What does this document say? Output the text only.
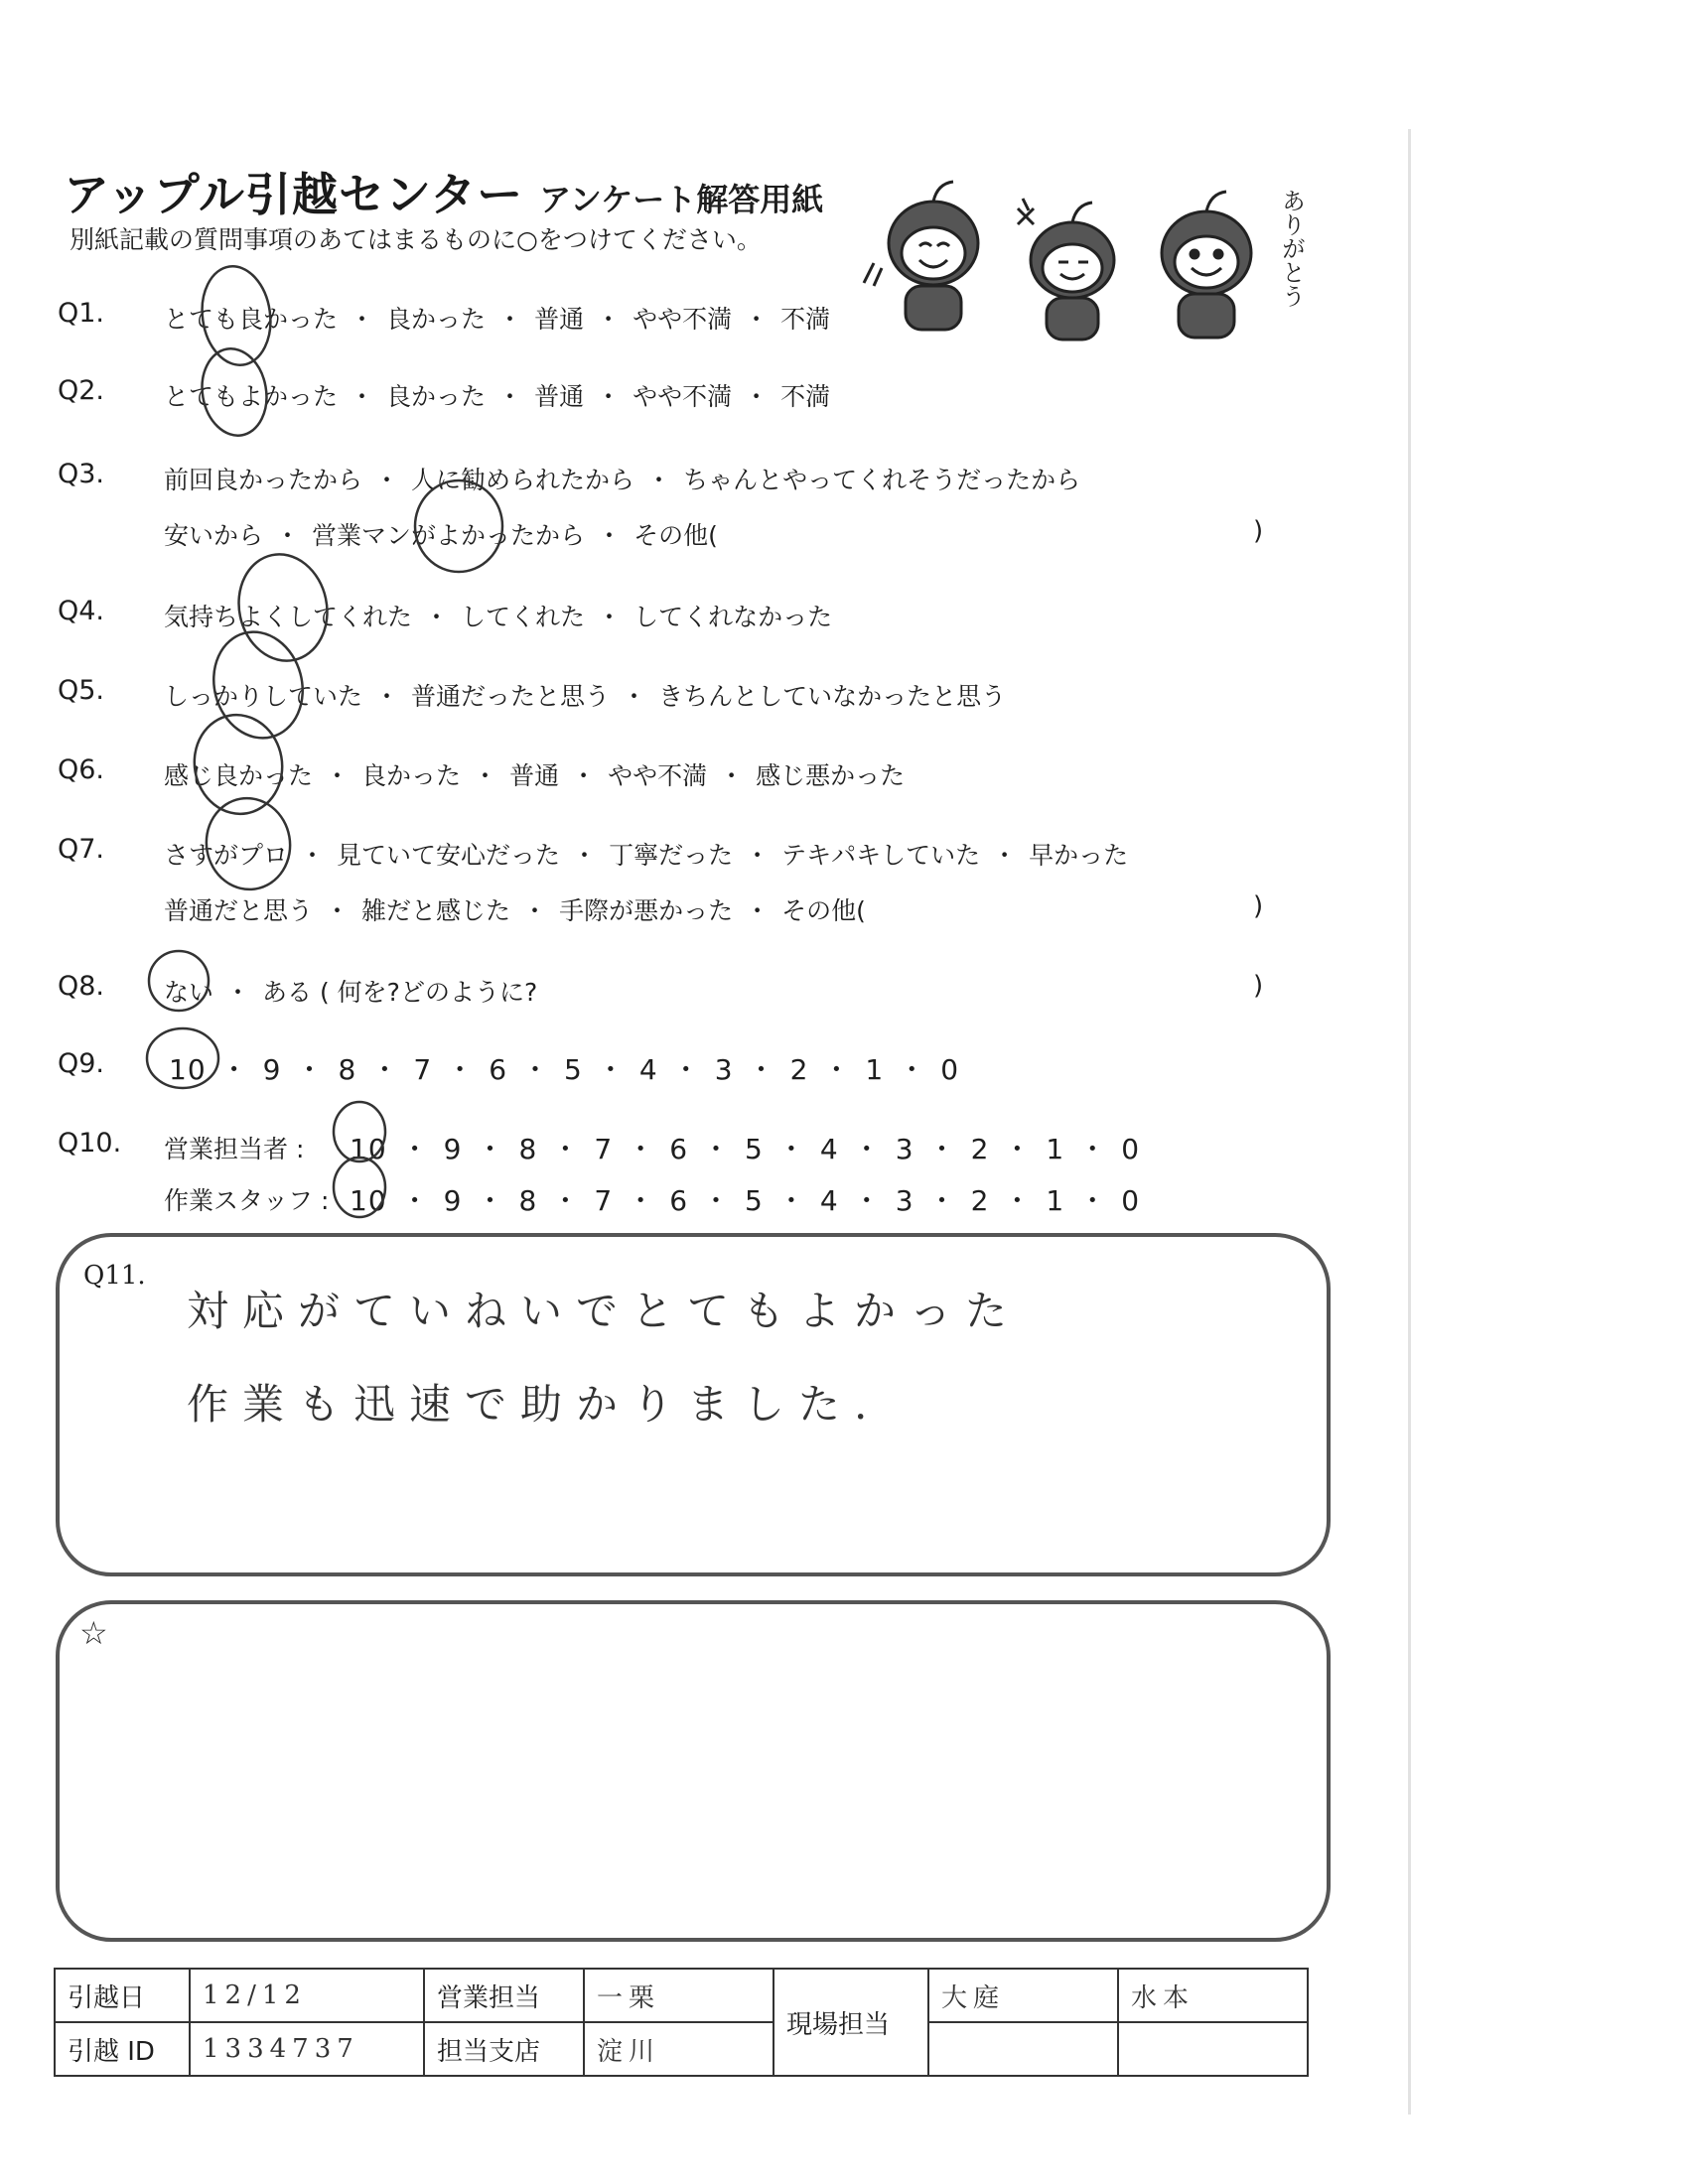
アップル引越センター アンケート解答用紙
別紙記載の質問事項のあてはまるものに○をつけてください。	ありがとう
Q1. とても良かった ・ 良かった ・ 普通 ・ やや不満 ・ 不満
Q2. とてもよかった ・ 良かった ・ 普通 ・ やや不満 ・ 不満
Q3. 前回良かったから ・ 人に勧められたから ・ ちゃんとやってくれそうだったから
安いから ・ 営業マンがよかったから ・ その他(	)
Q4. 気持ちよくしてくれた ・ してくれた ・ してくれなかった
Q5. しっかりしていた ・ 普通だったと思う ・ きちんとしていなかったと思う
Q6. 感じ良かった ・ 良かった ・ 普通 ・ やや不満 ・ 感じ悪かった
Q7. さすがプロ ・ 見ていて安心だった ・ 丁寧だった ・ テキパキしていた ・ 早かった
普通だと思う ・ 雑だと感じた ・ 手際が悪かった ・ その他(	)
Q8. ない ・ ある ( 何を?どのように?	)
Q9. 10 ・ 9 ・ 8 ・ 7 ・ 6 ・ 5 ・ 4 ・ 3 ・ 2 ・ 1 ・ 0
Q10. 営業担当者 : 10 ・ 9 ・ 8 ・ 7 ・ 6 ・ 5 ・ 4 ・ 3 ・ 2 ・ 1 ・ 0
作業スタッフ : 10 ・ 9 ・ 8 ・ 7 ・ 6 ・ 5 ・ 4 ・ 3 ・ 2 ・ 1 ・ 0
Q11.
対応がていねいでとてもよかった
作業も迅速で助かりました.
☆
引越日	12/12	営業担当	一栗	現場担当	大庭	水本
引越 ID	1334737	担当支店	淀川			
